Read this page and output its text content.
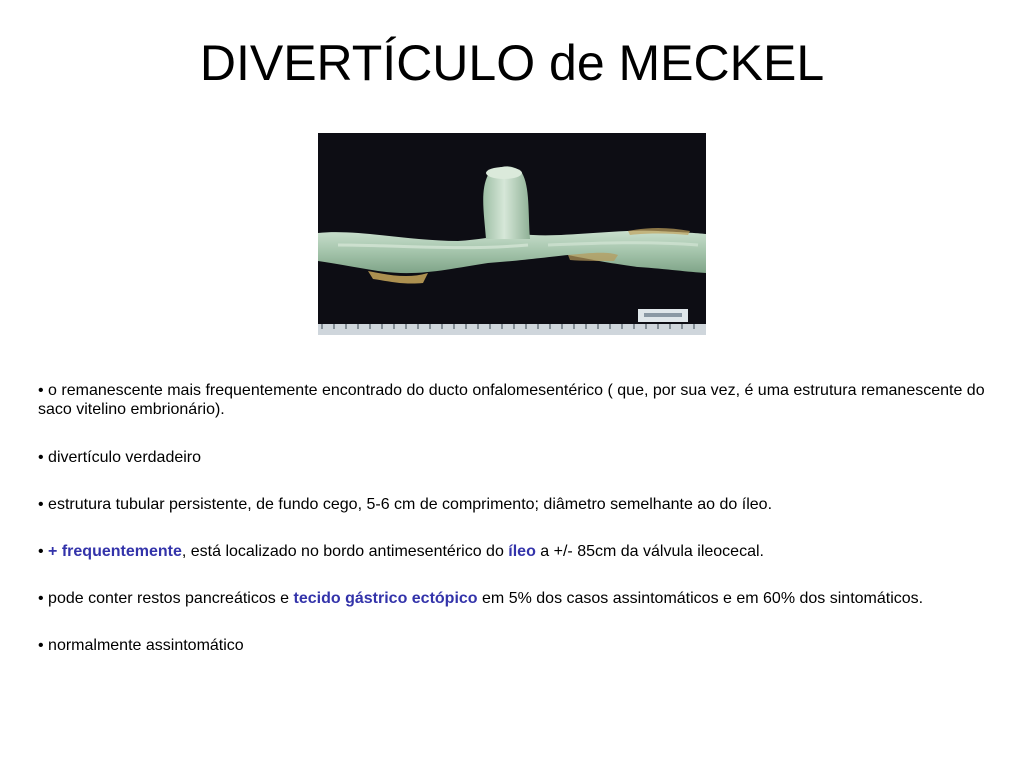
DIVERTÍCULO de MECKEL

• o remanescente mais frequentemente encontrado do ducto onfalomesentérico ( que, por sua vez, é uma estrutura remanescente do saco vitelino embrionário).

• divertículo verdadeiro

• estrutura tubular persistente, de fundo cego, 5-6 cm de comprimento; diâmetro semelhante ao do íleo.

• + frequentemente, está localizado no bordo antimesentérico do íleo a +/- 85cm da válvula ileocecal.

• pode conter restos pancreáticos e tecido gástrico ectópico em 5% dos casos assintomáticos e em 60% dos sintomáticos.

• normalmente assintomático
